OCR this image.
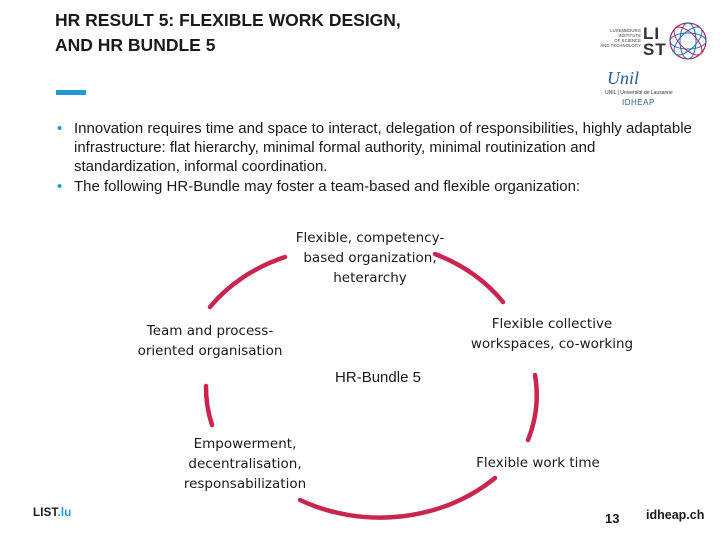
HR RESULT 5: FLEXIBLE WORK DESIGN,
AND HR BUNDLE 5
LUXEMBOURG
INSTITUTE
OF SCIENCE
AND TECHNOLOGY
LI
ST
Unil
UNIL | Université de Lausanne
IDHEAP
• Innovation requires time and space to interact, delegation of responsibilities, highly adaptable infrastructure: flat hierarchy, minimal formal authority, minimal routinization and standardization, informal coordination.
• The following HR-Bundle may foster a team-based and flexible organization:
Flexible, competency-based organization, heterarchy
Team and process-oriented organisation
Flexible collective workspaces, co-working
Empowerment, decentralisation, responsabilization
Flexible work time
HR-Bundle 5
LIST.lu	13 idheap.ch
